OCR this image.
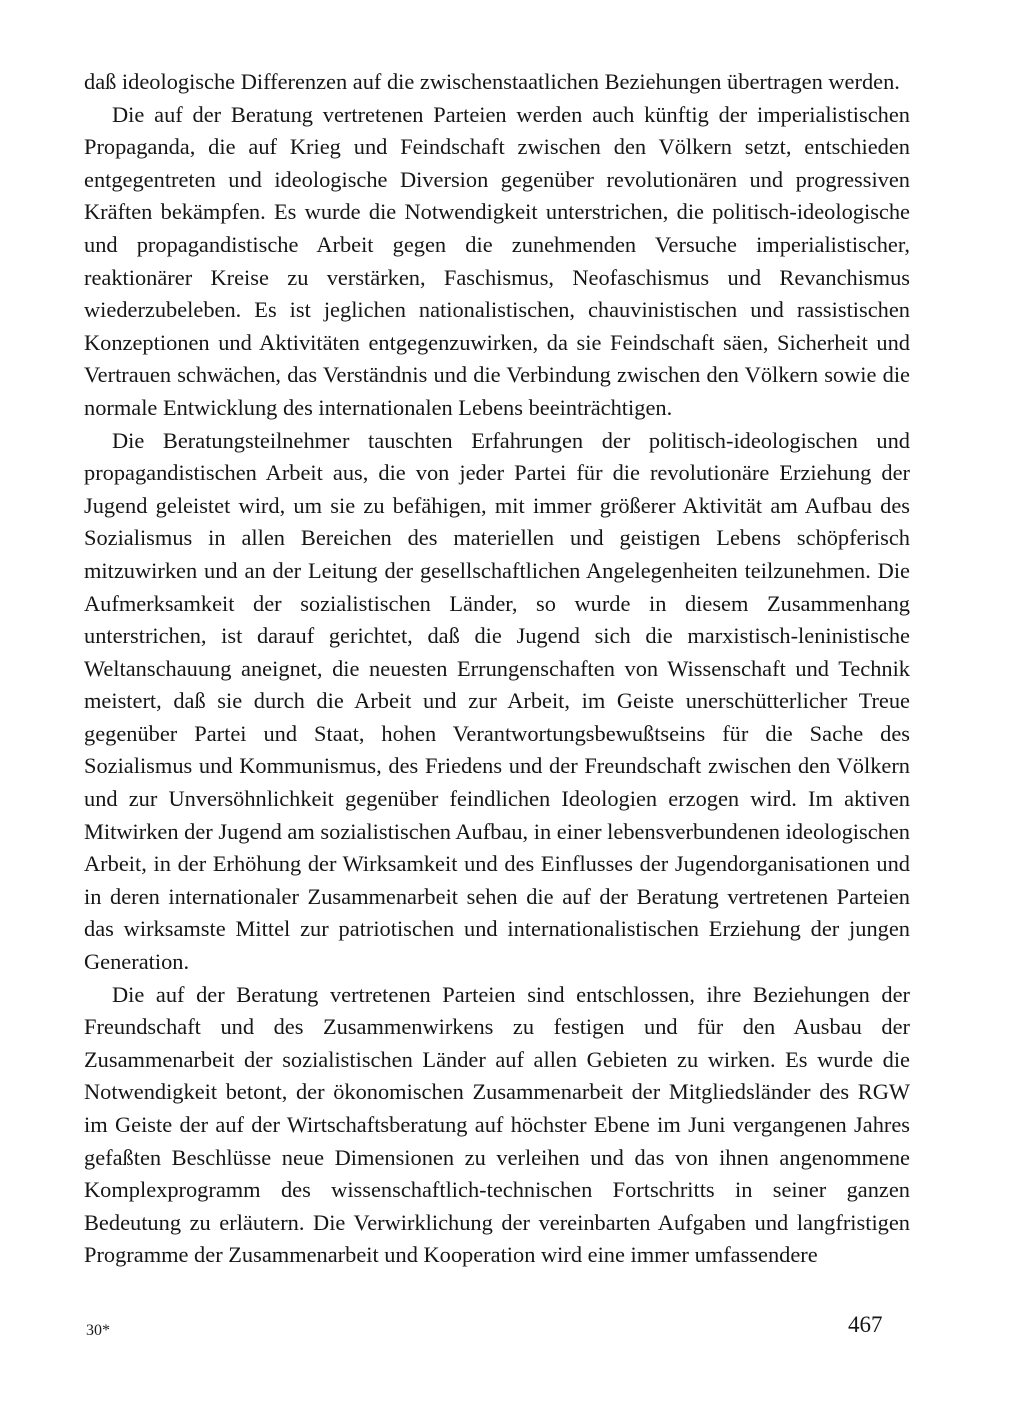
daß ideologische Differenzen auf die zwischenstaatlichen Beziehungen übertragen werden.

Die auf der Beratung vertretenen Parteien werden auch künftig der imperialistischen Propaganda, die auf Krieg und Feindschaft zwischen den Völkern setzt, entschieden entgegentreten und ideologische Diversion gegenüber revolutionären und progressiven Kräften bekämpfen. Es wurde die Notwendigkeit unterstrichen, die politisch-ideologische und propagandistische Arbeit gegen die zunehmenden Versuche imperialistischer, reaktionärer Kreise zu verstärken, Faschismus, Neofaschismus und Revanchismus wiederzubeleben. Es ist jeglichen nationalistischen, chauvinistischen und rassistischen Konzeptionen und Aktivitäten entgegenzuwirken, da sie Feindschaft säen, Sicherheit und Vertrauen schwächen, das Verständnis und die Verbindung zwischen den Völkern sowie die normale Entwicklung des internationalen Lebens beeinträchtigen.

Die Beratungsteilnehmer tauschten Erfahrungen der politisch-ideologischen und propagandistischen Arbeit aus, die von jeder Partei für die revolutionäre Erziehung der Jugend geleistet wird, um sie zu befähigen, mit immer größerer Aktivität am Aufbau des Sozialismus in allen Bereichen des materiellen und geistigen Lebens schöpferisch mitzuwirken und an der Leitung der gesellschaftlichen Angelegenheiten teilzunehmen. Die Aufmerksamkeit der sozialistischen Länder, so wurde in diesem Zusammenhang unterstrichen, ist darauf gerichtet, daß die Jugend sich die marxistisch-leninistische Weltanschauung aneignet, die neuesten Errungenschaften von Wissenschaft und Technik meistert, daß sie durch die Arbeit und zur Arbeit, im Geiste unerschütterlicher Treue gegenüber Partei und Staat, hohen Verantwortungsbewußtseins für die Sache des Sozialismus und Kommunismus, des Friedens und der Freundschaft zwischen den Völkern und zur Unversöhnlichkeit gegenüber feindlichen Ideologien erzogen wird. Im aktiven Mitwirken der Jugend am sozialistischen Aufbau, in einer lebensverbundenen ideologischen Arbeit, in der Erhöhung der Wirksamkeit und des Einflusses der Jugendorganisationen und in deren internationaler Zusammenarbeit sehen die auf der Beratung vertretenen Parteien das wirksamste Mittel zur patriotischen und internationalistischen Erziehung der jungen Generation.

Die auf der Beratung vertretenen Parteien sind entschlossen, ihre Beziehungen der Freundschaft und des Zusammenwirkens zu festigen und für den Ausbau der Zusammenarbeit der sozialistischen Länder auf allen Gebieten zu wirken. Es wurde die Notwendigkeit betont, der ökonomischen Zusammenarbeit der Mitgliedsländer des RGW im Geiste der auf der Wirtschaftsberatung auf höchster Ebene im Juni vergangenen Jahres gefaßten Beschlüsse neue Dimensionen zu verleihen und das von ihnen angenommene Komplexprogramm des wissenschaftlich-technischen Fortschritts in seiner ganzen Bedeutung zu erläutern. Die Verwirklichung der vereinbarten Aufgaben und langfristigen Programme der Zusammenarbeit und Kooperation wird eine immer umfassendere

30*	467
